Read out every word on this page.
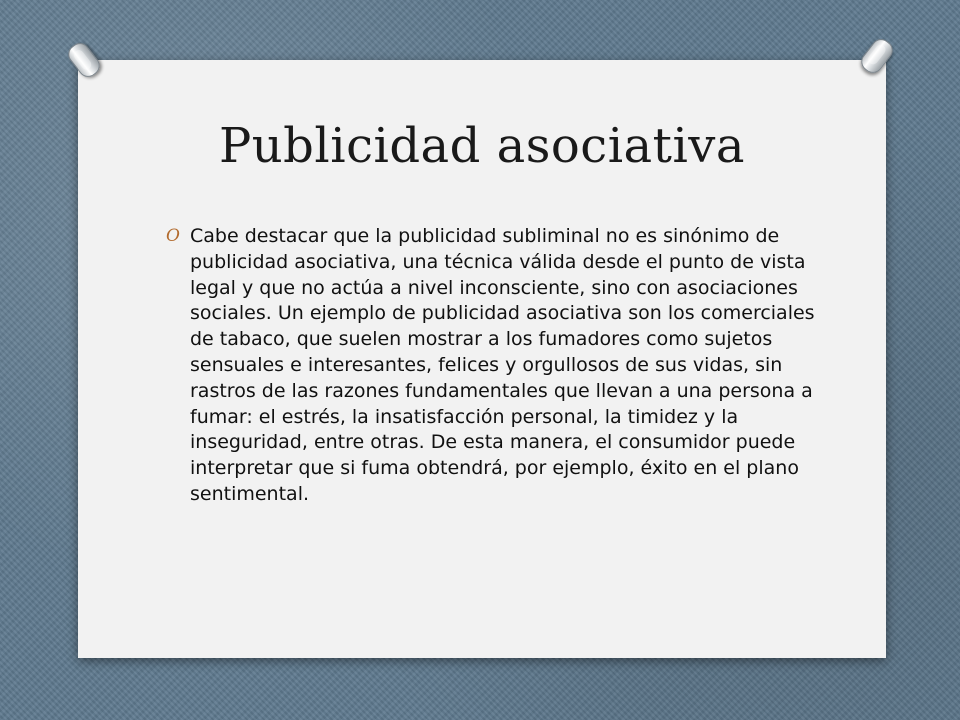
Publicidad asociativa
O Cabe destacar que la publicidad subliminal no es sinónimo de publicidad asociativa, una técnica válida desde el punto de vista legal y que no actúa a nivel inconsciente, sino con asociaciones sociales. Un ejemplo de publicidad asociativa son los comerciales de tabaco, que suelen mostrar a los fumadores como sujetos sensuales e interesantes, felices y orgullosos de sus vidas, sin rastros de las razones fundamentales que llevan a una persona a fumar: el estrés, la insatisfacción personal, la timidez y la inseguridad, entre otras. De esta manera, el consumidor puede interpretar que si fuma obtendrá, por ejemplo, éxito en el plano sentimental.
